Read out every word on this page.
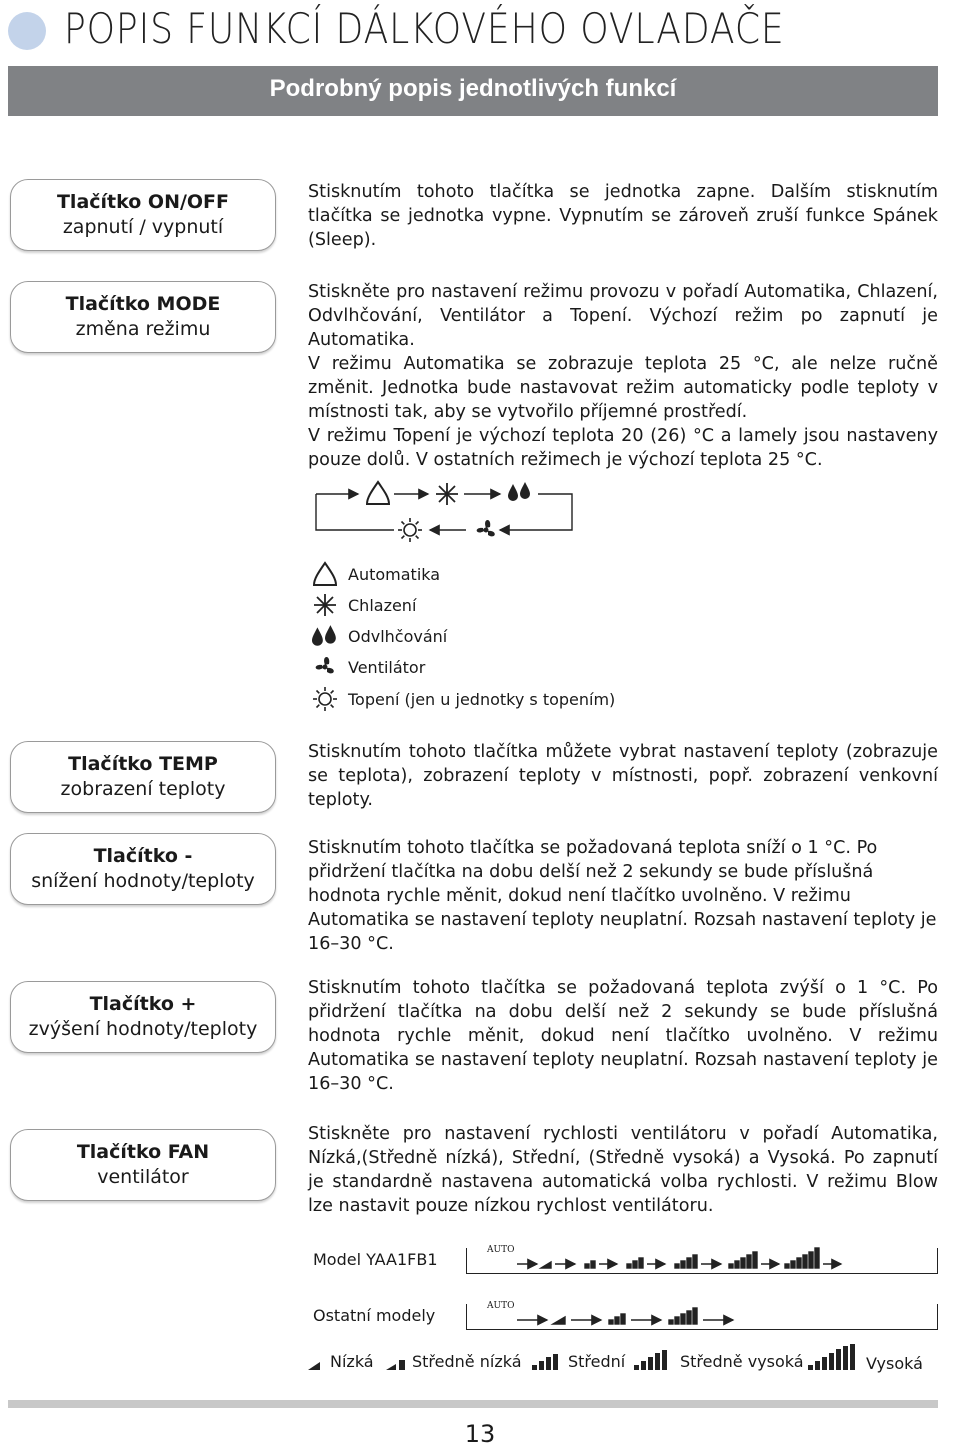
POPIS FUNKCÍ DÁLKOVÉHO OVLADAČE
Podrobný popis jednotlivých funkcí
Tlačítko ON/OFF
zapnutí / vypnutí
Tlačítko MODE
změna režimu
Tlačítko TEMP
zobrazení teploty
Tlačítko -
snížení hodnoty/teploty
Tlačítko +
zvýšení hodnoty/teploty
Tlačítko FAN
ventilátor
Stisknutím tohoto tlačítka se jednotka zapne. Dalším stisknutím tlačítka se jednotka vypne. Vypnutím se zároveň zruší funkce Spánek (Sleep).
Stiskněte pro nastavení režimu provozu v pořadí Automatika, Chlazení, Odvlhčování, Ventilátor a Topení. Výchozí režim po zapnutí je Automatika.
V režimu Automatika se zobrazuje teplota 25 °C, ale nelze ručně změnit. Jednotka bude nastavovat režim automaticky podle teploty v místnosti tak, aby se vytvořilo příjemné prostředí.
V režimu Topení je výchozí teplota 20 (26) °C a lamely jsou nastaveny pouze dolů. V ostatních režimech je výchozí teplota 25 °C.
Stisknutím tohoto tlačítka můžete vybrat nastavení teploty (zobrazuje se teplota), zobrazení teploty v místnosti, popř. zobrazení venkovní teploty.
Stisknutím tohoto tlačítka se požadovaná teplota sníží o 1 °C. Po přidržení tlačítka na dobu delší než 2 sekundy se bude příslušná hodnota rychle měnit, dokud není tlačítko uvolněno. V režimu Automatika se nastavení teploty neuplatní. Rozsah nastavení teploty je 16–30 °C.
Stisknutím tohoto tlačítka se požadovaná teplota zvýší o 1 °C. Po přidržení tlačítka na dobu delší než 2 sekundy se bude příslušná hodnota rychle měnit, dokud není tlačítko uvolněno. V režimu Automatika se nastavení teploty neuplatní. Rozsah nastavení teploty je 16–30 °C.
Stiskněte pro nastavení rychlosti ventilátoru v pořadí Automatika, Nízká,(Středně nízká), Střední, (Středně vysoká) a Vysoká. Po zapnutí je standardně nastavena automatická volba rychlosti. V režimu Blow lze nastavit pouze nízkou rychlost ventilátoru.
Automatika
Chlazení
Odvlhčování
Ventilátor
Topení (jen u jednotky s topením)
Model YAA1FB1	AUTO
Ostatní modely	AUTO
Nízká Středně nízká	Střední	Středně vysoká	Vysoká
13
